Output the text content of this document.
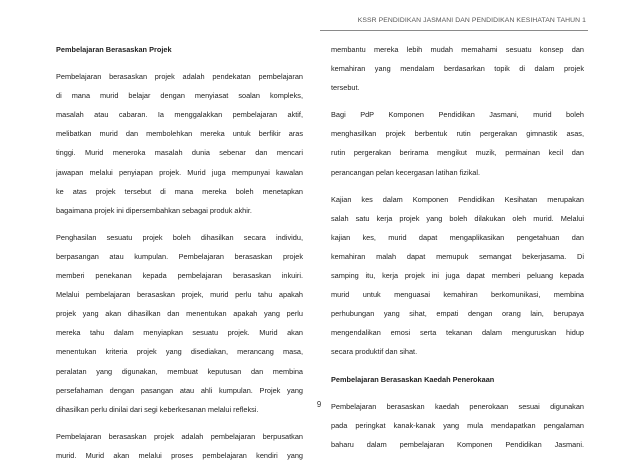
KSSR PENDIDIKAN JASMANI DAN PENDIDIKAN KESIHATAN TAHUN 1

Pembelajaran Berasaskan Projek

Pembelajaran berasaskan projek adalah pendekatan pembelajaran
di mana murid belajar dengan menyiasat soalan kompleks,
masalah atau cabaran. Ia menggalakkan pembelajaran aktif,
melibatkan murid dan membolehkan mereka untuk berfikir aras
tinggi. Murid meneroka masalah dunia sebenar dan mencari
jawapan melalui penyiapan projek. Murid juga mempunyai kawalan
ke atas projek tersebut di mana mereka boleh menetapkan
bagaimana projek ini dipersembahkan sebagai produk akhir.

Penghasilan sesuatu projek boleh dihasilkan secara individu,
berpasangan atau kumpulan. Pembelajaran berasaskan projek
memberi penekanan kepada pembelajaran berasaskan inkuiri.
Melalui pembelajaran berasaskan projek, murid perlu tahu apakah
projek yang akan dihasilkan dan menentukan apakah yang perlu
mereka tahu dalam menyiapkan sesuatu projek. Murid akan
menentukan kriteria projek yang disediakan, merancang masa,
peralatan yang digunakan, membuat keputusan dan membina
persefahaman dengan pasangan atau ahli kumpulan. Projek yang
dihasilkan perlu dinilai dari segi keberkesanan melalui refleksi.

Pembelajaran berasaskan projek adalah pembelajaran berpusatkan
murid. Murid akan melalui proses pembelajaran kendiri yang

membantu mereka lebih mudah memahami sesuatu konsep dan
kemahiran yang mendalam berdasarkan topik di dalam projek
tersebut.

Bagi PdP Komponen Pendidikan Jasmani, murid boleh
menghasilkan projek berbentuk rutin pergerakan gimnastik asas,
rutin pergerakan berirama mengikut muzik, permainan kecil dan
perancangan pelan kecergasan latihan fizikal.

Kajian kes dalam Komponen Pendidikan Kesihatan merupakan
salah satu kerja projek yang boleh dilakukan oleh murid. Melalui
kajian kes, murid dapat mengaplikasikan pengetahuan dan
kemahiran malah dapat memupuk semangat bekerjasama. Di
samping itu, kerja projek ini juga dapat memberi peluang kepada
murid untuk menguasai kemahiran berkomunikasi, membina
perhubungan yang sihat, empati dengan orang lain, berupaya
mengendalikan emosi serta tekanan dalam menguruskan hidup
secara produktif dan sihat.

Pembelajaran Berasaskan Kaedah Penerokaan

Pembelajaran berasaskan kaedah penerokaan sesuai digunakan
pada peringkat kanak-kanak yang mula mendapatkan pengalaman
baharu dalam pembelajaran Komponen Pendidikan Jasmani.

9
